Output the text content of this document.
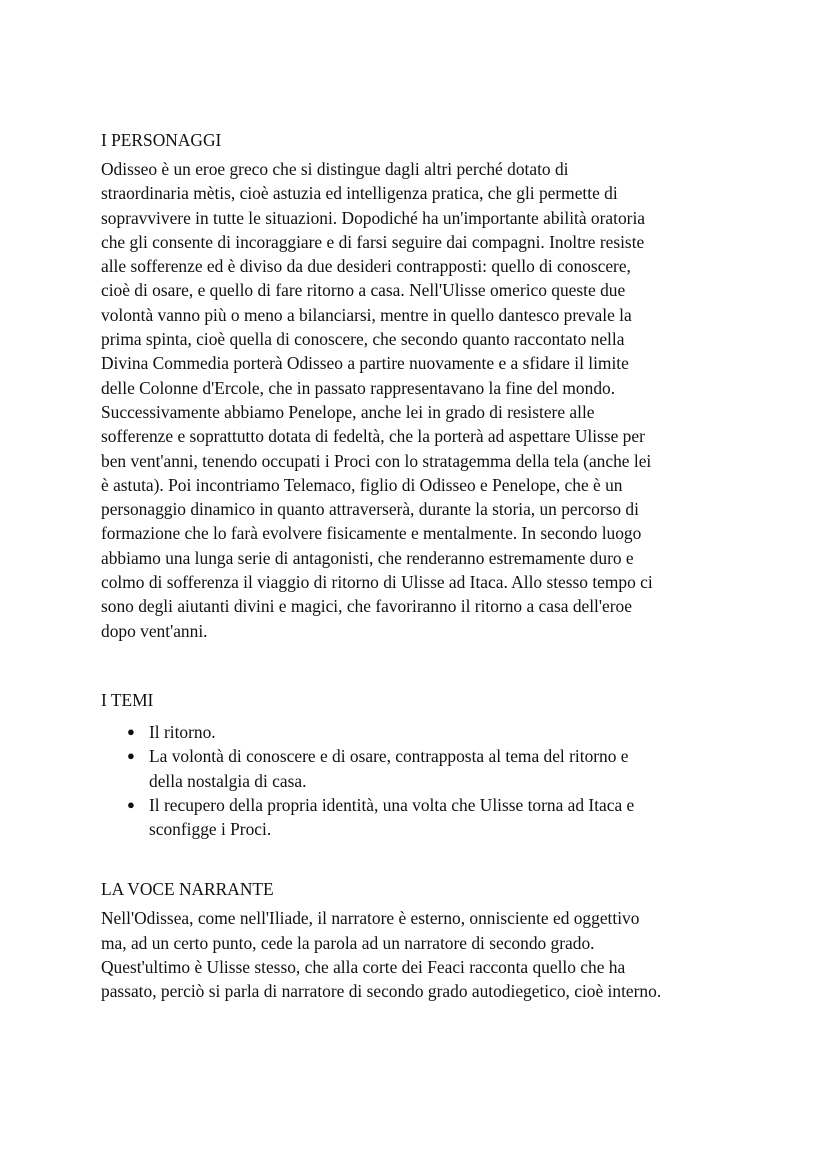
I PERSONAGGI
Odisseo è un eroe greco che si distingue dagli altri perché dotato di
straordinaria mètis, cioè astuzia ed intelligenza pratica, che gli permette di
sopravvivere in tutte le situazioni. Dopodiché ha un'importante abilità oratoria
che gli consente di incoraggiare e di farsi seguire dai compagni. Inoltre resiste
alle sofferenze ed è diviso da due desideri contrapposti: quello di conoscere,
cioè di osare, e quello di fare ritorno a casa. Nell'Ulisse omerico queste due
volontà vanno più o meno a bilanciarsi, mentre in quello dantesco prevale la
prima spinta, cioè quella di conoscere, che secondo quanto raccontato nella
Divina Commedia porterà Odisseo a partire nuovamente e a sfidare il limite
delle Colonne d'Ercole, che in passato rappresentavano la fine del mondo.
Successivamente abbiamo Penelope, anche lei in grado di resistere alle
sofferenze e soprattutto dotata di fedeltà, che la porterà ad aspettare Ulisse per
ben vent'anni, tenendo occupati i Proci con lo stratagemma della tela (anche lei
è astuta). Poi incontriamo Telemaco, figlio di Odisseo e Penelope, che è un
personaggio dinamico in quanto attraverserà, durante la storia, un percorso di
formazione che lo farà evolvere fisicamente e mentalmente. In secondo luogo
abbiamo una lunga serie di antagonisti, che renderanno estremamente duro e
colmo di sofferenza il viaggio di ritorno di Ulisse ad Itaca. Allo stesso tempo ci
sono degli aiutanti divini e magici, che favoriranno il ritorno a casa dell'eroe
dopo vent'anni.
I TEMI
● Il ritorno.
● La volontà di conoscere e di osare, contrapposta al tema del ritorno e
della nostalgia di casa.
● Il recupero della propria identità, una volta che Ulisse torna ad Itaca e
sconfigge i Proci.
LA VOCE NARRANTE
Nell'Odissea, come nell'Iliade, il narratore è esterno, onnisciente ed oggettivo
ma, ad un certo punto, cede la parola ad un narratore di secondo grado.
Quest'ultimo è Ulisse stesso, che alla corte dei Feaci racconta quello che ha
passato, perciò si parla di narratore di secondo grado autodiegetico, cioè interno.
